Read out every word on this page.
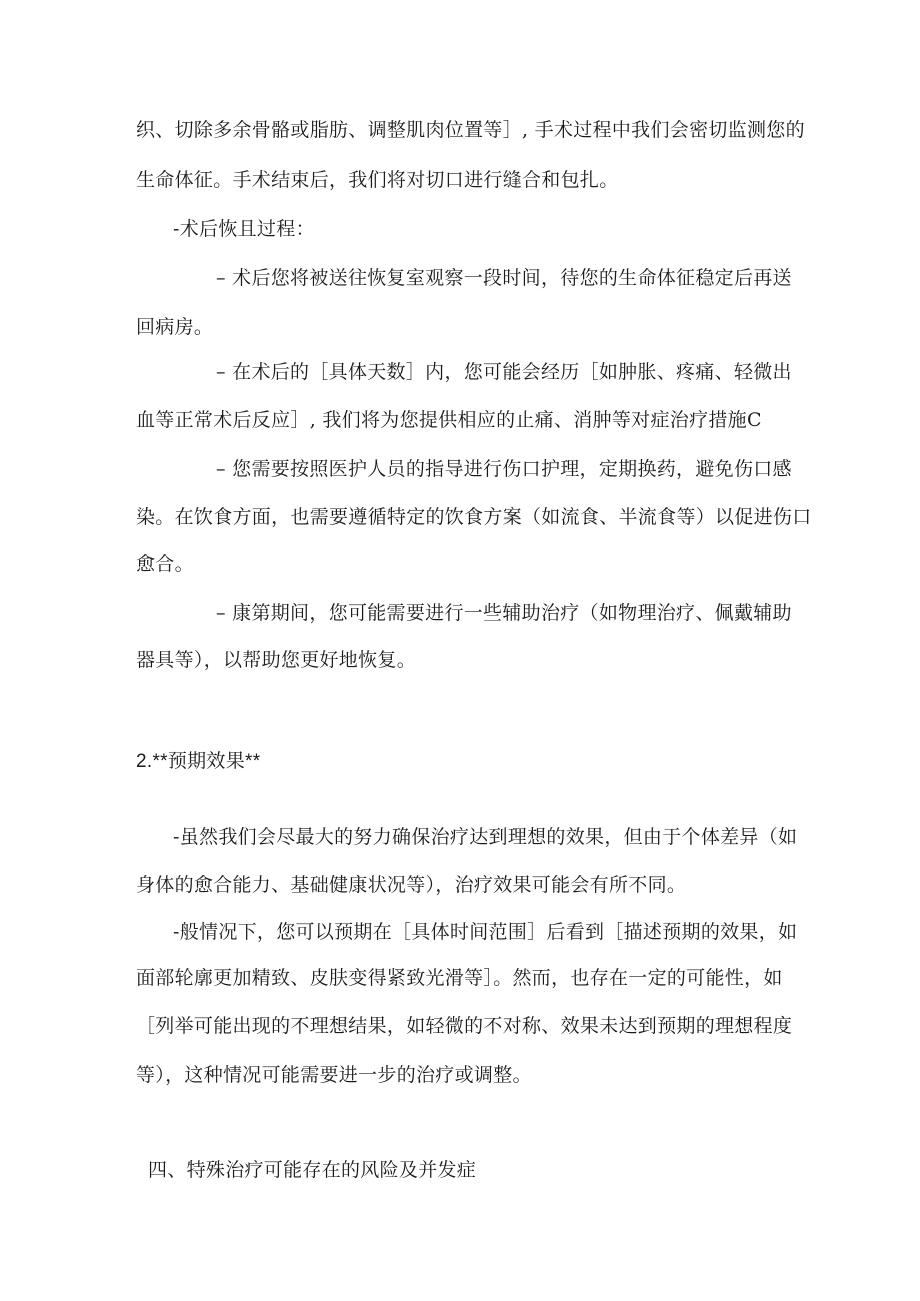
织、切除多余骨骼或脂肪、调整肌肉位置等］, 手术过程中我们会密切监测您的
生命体征。手术结束后，我们将对切口进行缝合和包扎。
-术后恢且过程：
– 术后您将被送往恢复室观察一段时间，待您的生命体征稳定后再送
回病房。
– 在术后的［具体天数］内，您可能会经历［如肿胀、疼痛、轻微出
血等正常术后反应］, 我们将为您提供相应的止痛、消肿等对症治疗措施C
– 您需要按照医护人员的指导进行伤口护理，定期换药，避免伤口感
染。在饮食方面，也需要遵循特定的饮食方案（如流食、半流食等）以促进伤口
愈合。
– 康第期间，您可能需要进行一些辅助治疗（如物理治疗、佩戴辅助
器具等），以帮助您更好地恢复。
2.**预期效果**
-虽然我们会尽最大的努力确保治疗达到理想的效果，但由于个体差异（如
身体的愈合能力、基础健康状况等），治疗效果可能会有所不同。
-般情况下，您可以预期在［具体时间范围］后看到［描述预期的效果，如
面部轮廓更加精致、皮肤变得紧致光滑等］。然而，也存在一定的可能性，如
［列举可能出现的不理想结果，如轻微的不对称、效果未达到预期的理想程度
等），这种情况可能需要进一步的治疗或调整。
四、特殊治疗可能存在的风险及并发症
